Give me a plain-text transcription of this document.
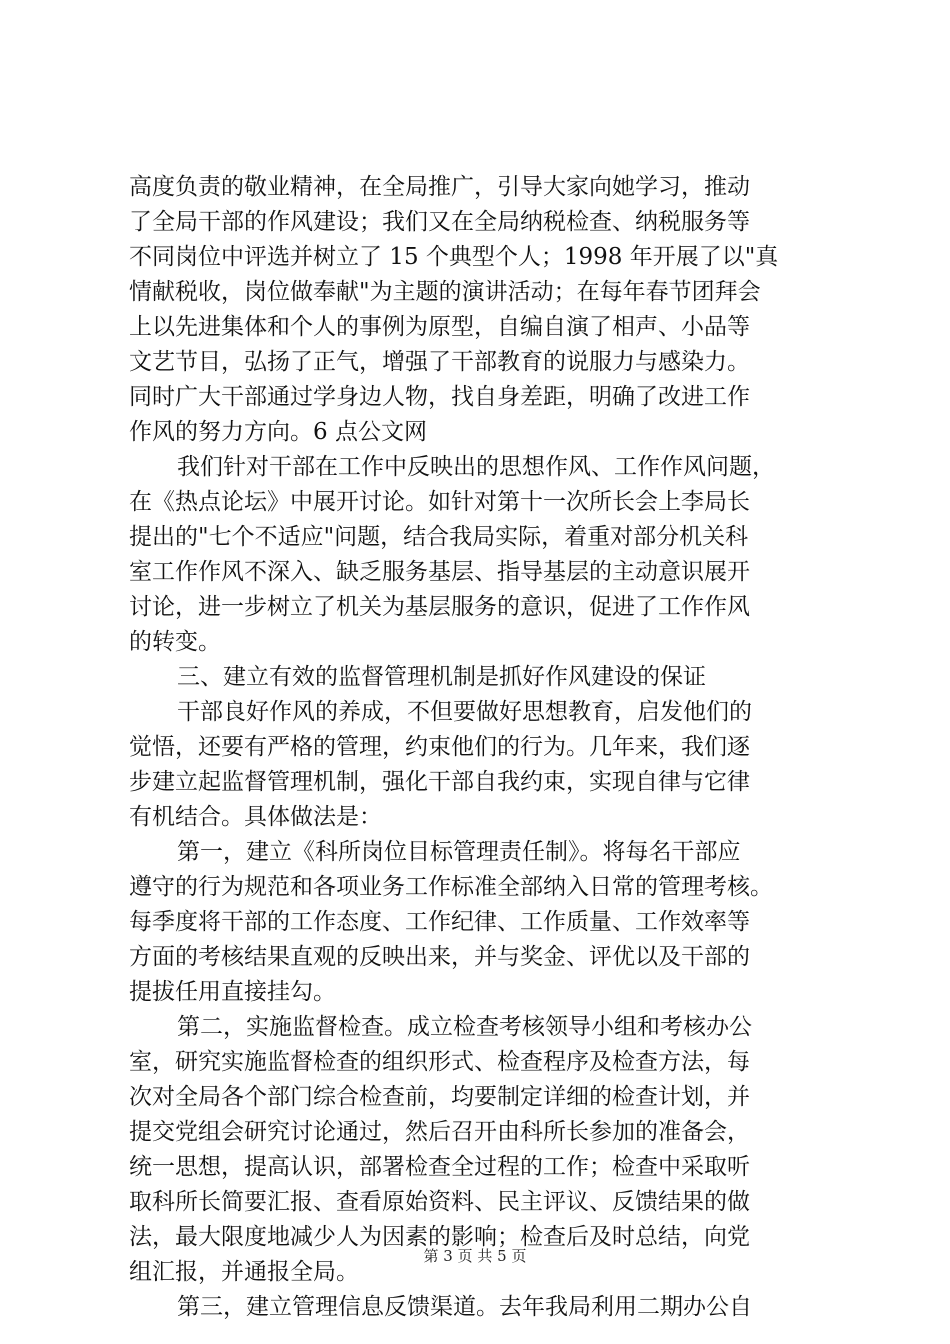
高度负责的敬业精神，在全局推广，引导大家向她学习，推动
了全局干部的作风建设；我们又在全局纳税检查、纳税服务等
不同岗位中评选并树立了 15 个典型个人；1998 年开展了以"真
情献税收，岗位做奉献"为主题的演讲活动；在每年春节团拜会
上以先进集体和个人的事例为原型，自编自演了相声、小品等
文艺节目，弘扬了正气，增强了干部教育的说服力与感染力。
同时广大干部通过学身边人物，找自身差距，明确了改进工作
作风的努力方向。6 点公文网
我们针对干部在工作中反映出的思想作风、工作作风问题，
在《热点论坛》中展开讨论。如针对第十一次所长会上李局长
提出的"七个不适应"问题，结合我局实际，着重对部分机关科
室工作作风不深入、缺乏服务基层、指导基层的主动意识展开
讨论，进一步树立了机关为基层服务的意识，促进了工作作风
的转变。
三、建立有效的监督管理机制是抓好作风建设的保证
干部良好作风的养成，不但要做好思想教育，启发他们的
觉悟，还要有严格的管理，约束他们的行为。几年来，我们逐
步建立起监督管理机制，强化干部自我约束，实现自律与它律
有机结合。具体做法是：
第一，建立《科所岗位目标管理责任制》。将每名干部应
遵守的行为规范和各项业务工作标准全部纳入日常的管理考核。
每季度将干部的工作态度、工作纪律、工作质量、工作效率等
方面的考核结果直观的反映出来，并与奖金、评优以及干部的
提拔任用直接挂勾。
第二，实施监督检查。成立检查考核领导小组和考核办公
室，研究实施监督检查的组织形式、检查程序及检查方法，每
次对全局各个部门综合检查前，均要制定详细的检查计划，并
提交党组会研究讨论通过，然后召开由科所长参加的准备会，
统一思想，提高认识，部署检查全过程的工作；检查中采取听
取科所长简要汇报、查看原始资料、民主评议、反馈结果的做
法，最大限度地减少人为因素的影响；检查后及时总结，向党
组汇报，并通报全局。
第三，建立管理信息反馈渠道。去年我局利用二期办公自
第 3 页 共 5 页
